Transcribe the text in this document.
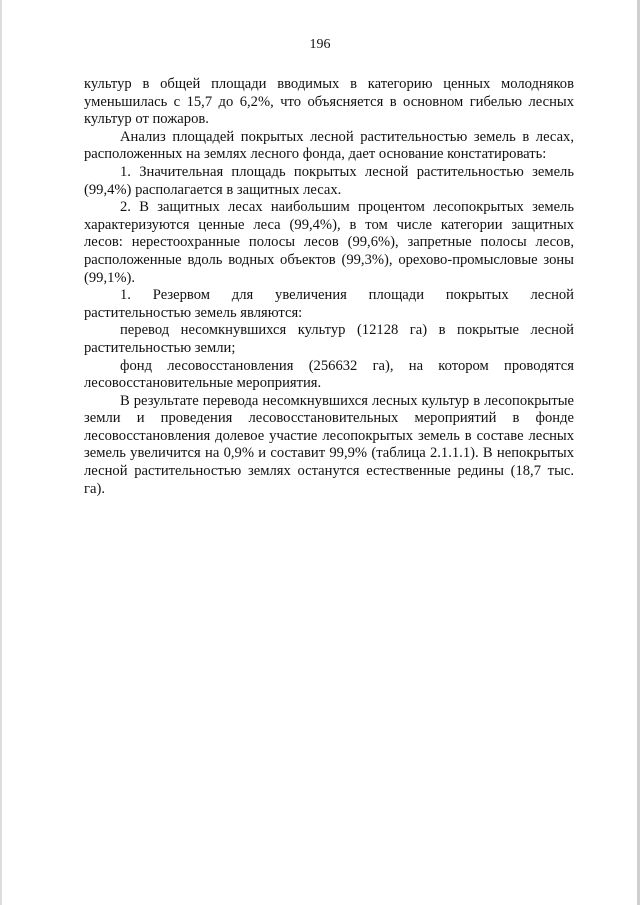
196

культур в общей площади вводимых в категорию ценных молодняков уменьшилась с 15,7 до 6,2%, что объясняется в основном гибелью лесных культур от пожаров.

Анализ площадей покрытых лесной растительностью земель в лесах, расположенных на землях лесного фонда, дает основание констатировать:

1. Значительная площадь покрытых лесной растительностью земель (99,4%) располагается в защитных лесах.

2. В защитных лесах наибольшим процентом лесопокрытых земель характеризуются ценные леса (99,4%), в том числе категории защитных лесов: нерестоохранные полосы лесов (99,6%), запретные полосы лесов, расположенные вдоль водных объектов (99,3%), орехово-промысловые зоны (99,1%).

1. Резервом для увеличения площади покрытых лесной растительностью земель являются:

перевод несомкнувшихся культур (12128 га) в покрытые лесной растительностью земли;

фонд лесовосстановления (256632 га), на котором проводятся лесовосстановительные мероприятия.

В результате перевода несомкнувшихся лесных культур в лесопокрытые земли и проведения лесовосстановительных мероприятий в фонде лесовосстановления долевое участие лесопокрытых земель в составе лесных земель увеличится на 0,9% и составит 99,9% (таблица 2.1.1.1). В непокрытых лесной растительностью землях останутся естественные редины (18,7 тыс. га).
